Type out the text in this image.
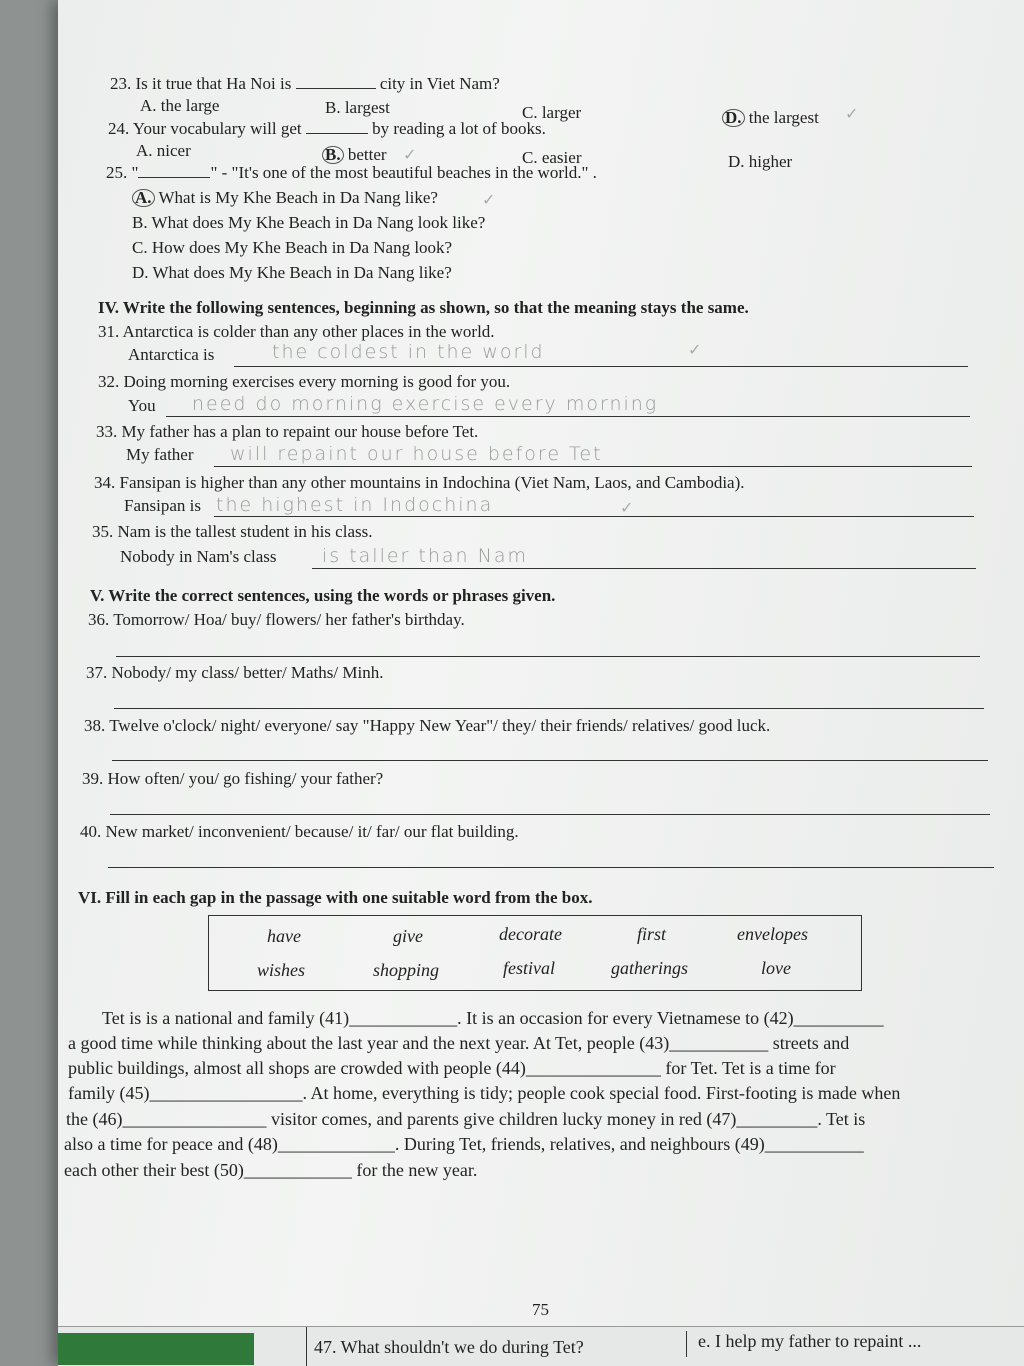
23. Is it true that Ha Noi is	city in Viet Nam?
A. the large	B. largest	C. larger	D. the largest ✓
24. Your vocabulary will get	by reading a lot of books.
A. nicer	B. better ✓	C. easier	D. higher
25. "	" - "It's one of the most beautiful beaches in the world." .
A. What is My Khe Beach in Da Nang like?	✓
B. What does My Khe Beach in Da Nang look like?
C. How does My Khe Beach in Da Nang look?
D. What does My Khe Beach in Da Nang like?
IV. Write the following sentences, beginning as shown, so that the meaning stays the same.
31. Antarctica is colder than any other places in the world.
Antarctica is	the coldest in the world	✓
32. Doing morning exercises every morning is good for you.
You need do morning exercise every morning
33. My father has a plan to repaint our house before Tet.
My father will repaint our house before Tet
34. Fansipan is higher than any other mountains in Indochina (Viet Nam, Laos, and Cambodia).
Fansipan is the highest in Indochina	✓
35. Nam is the tallest student in his class.
Nobody in Nam's class is taller than Nam
V. Write the correct sentences, using the words or phrases given.
36. Tomorrow/ Hoa/ buy/ flowers/ her father's birthday.
37. Nobody/ my class/ better/ Maths/ Minh.
38. Twelve o'clock/ night/ everyone/ say "Happy New Year"/ they/ their friends/ relatives/ good luck.
39. How often/ you/ go fishing/ your father?
40. New market/ inconvenient/ because/ it/ far/ our flat building.
VI. Fill in each gap in the passage with one suitable word from the box.
have	give	decorate	first	envelopes
wishes	shopping	festival	gatherings	love
Tet is is a national and family (41)____________. It is an occasion for every Vietnamese to (42)__________
a good time while thinking about the last year and the next year. At Tet, people (43)___________ streets and
public buildings, almost all shops are crowded with people (44)_______________ for Tet. Tet is a time for
family (45)_________________. At home, everything is tidy; people cook special food. First-footing is made when
the (46)________________ visitor comes, and parents give children lucky money in red (47)_________. Tet is
also a time for peace and (48)_____________. During Tet, friends, relatives, and neighbours (49)___________
each other their best (50)____________ for the new year.
75
47. What shouldn't we do during Tet?	e. I help my father to repaint ...
